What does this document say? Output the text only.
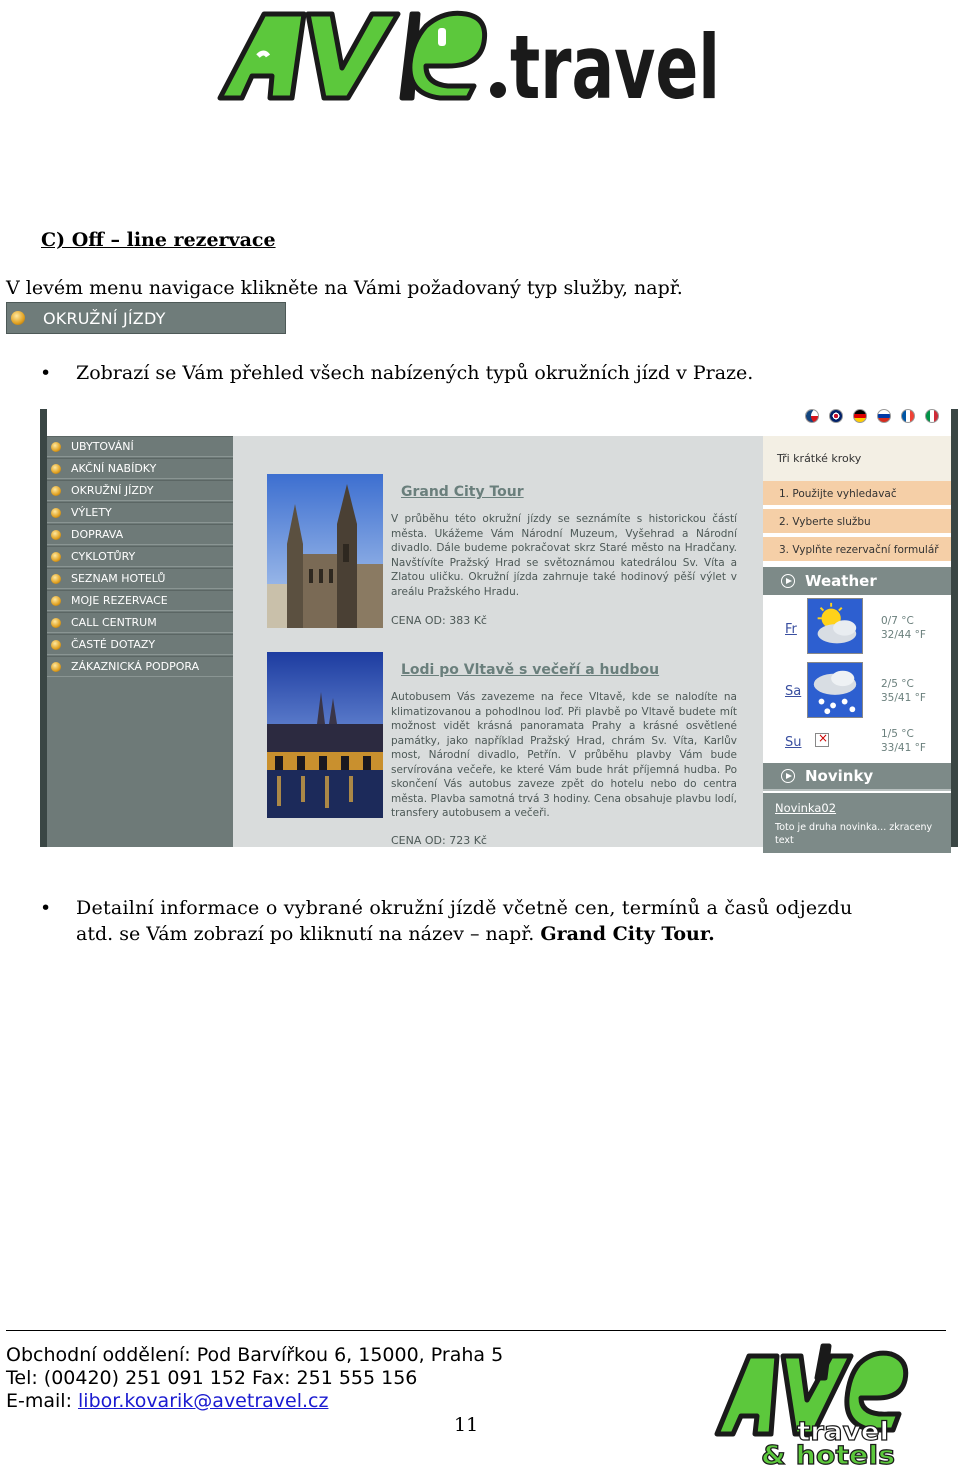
travel
C) Off – line rezervace
V levém menu navigace klikněte na Vámi požadovaný typ služby, např.
OKRUŽNÍ JÍZDY
• Zobrazí se Vám přehled všech nabízených typů okružních jízd v Praze.
UBYTOVÁNÍ
AKČNÍ NABÍDKY
OKRUŽNÍ JÍZDY
VÝLETY
DOPRAVA
CYKLOTŮRY
SEZNAM HOTELŮ
MOJE REZERVACE
CALL CENTRUM
ČASTÉ DOTAZY
ZÁKAZNICKÁ PODPORA
Grand City Tour
V průběhu této okružní jízdy se seznámíte s historickou částí města. Ukážeme Vám Národní Muzeum, Vyšehrad a Národní divadlo. Dále budeme pokračovat skrz Staré město na Hradčany. Navštívíte Pražský Hrad se světoznámou katedrálou Sv. Víta a Zlatou uličku. Okružní jízda zahrnuje také hodinový pěší výlet v areálu Pražského Hradu.
CENA OD: 383 Kč
Lodi po Vltavě s večeří a hudbou
Autobusem Vás zavezeme na řece Vltavě, kde se nalodíte na klimatizovanou a pohodlnou loď. Při plavbě po Vltavě budete mít možnost vidět krásná panoramata Prahy a krásné osvětlené památky, jako například Pražský Hrad, chrám Sv. Víta, Karlův most, Národní divadlo, Petřín. V průběhu plavby Vám bude servírována večeře, ke které Vám bude hrát příjemná hudba. Po skončení Vás autobus zaveze zpět do hotelu nebo do centra města. Plavba samotná trvá 3 hodiny. Cena obsahuje plavbu lodí, transfery autobusem a večeři.
CENA OD: 723 Kč
Tři krátké kroky
1. Použijte vyhledavač
2. Vyberte službu
3. Vyplňte rezervační formulář
Weather
Fr
0/7 °C
32/44 °F
Sa	2/5 °C
35/41 °F
Su
×
1/5 °C
33/41 °F
Novinky
Novinka02
Toto je druha novinka... zkraceny text
• Detailní informace o vybrané okružní jízdě včetně cen, termínů a časů odjezdu
atd. se Vám zobrazí po kliknutí na název – např. Grand City Tour.
Obchodní oddělení: Pod Barvířkou 6, 15000, Praha 5
Tel: (00420) 251 091 152 Fax: 251 555 156
E-mail: libor.kovarik@avetravel.cz
11	travel
& hotels
